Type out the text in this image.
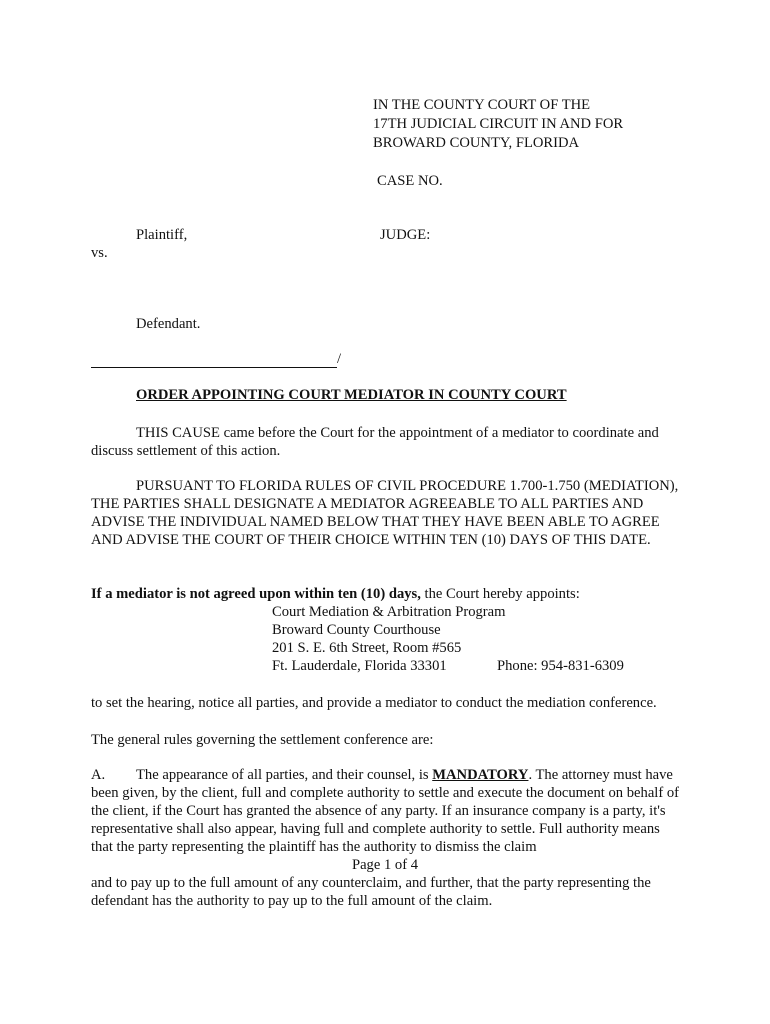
IN THE COUNTY COURT OF THE
17TH JUDICIAL CIRCUIT IN AND FOR
BROWARD COUNTY, FLORIDA
CASE NO.
Plaintiff,	JUDGE:
vs.
Defendant.
/
ORDER APPOINTING COURT MEDIATOR IN COUNTY COURT
THIS CAUSE came before the Court for the appointment of a mediator to coordinate and discuss settlement of this action.
PURSUANT TO FLORIDA RULES OF CIVIL PROCEDURE 1.700-1.750 (MEDIATION), THE PARTIES SHALL DESIGNATE A MEDIATOR AGREEABLE TO ALL PARTIES AND ADVISE THE INDIVIDUAL NAMED BELOW THAT THEY HAVE BEEN ABLE TO AGREE AND ADVISE THE COURT OF THEIR CHOICE WITHIN TEN (10) DAYS OF THIS DATE.
If a mediator is not agreed upon within ten (10) days, the Court hereby appoints:
Court Mediation & Arbitration Program
Broward County Courthouse
201 S. E. 6th Street, Room #565
Ft. Lauderdale, Florida 33301	Phone: 954-831-6309
to set the hearing, notice all parties, and provide a mediator to conduct the mediation conference.
The general rules governing the settlement conference are:
A. The appearance of all parties, and their counsel, is MANDATORY. The attorney must have been given, by the client, full and complete authority to settle and execute the document on behalf of the client, if the Court has granted the absence of any party. If an insurance company is a party, it's representative shall also appear, having full and complete authority to settle. Full authority means that the party representing the plaintiff has the authority to dismiss the claim
Page 1 of 4
and to pay up to the full amount of any counterclaim, and further, that the party representing the defendant has the authority to pay up to the full amount of the claim.
